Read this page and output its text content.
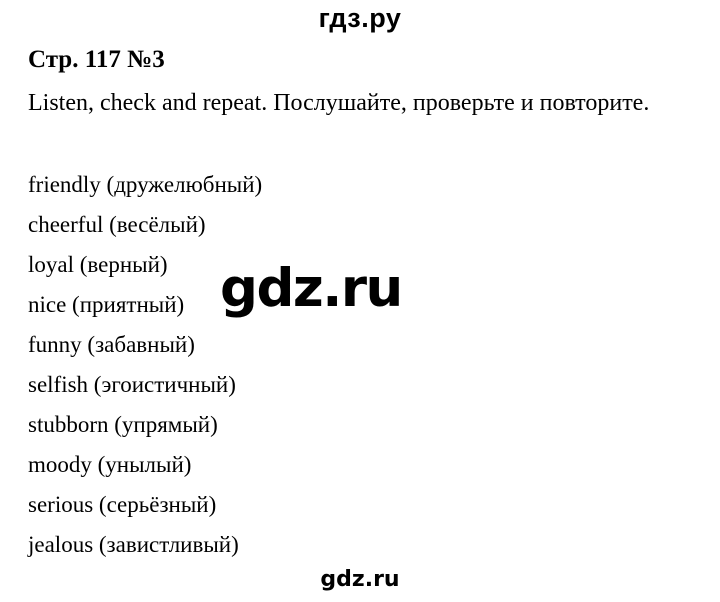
гдз.ру
Стр. 117 №3

Listen, check and repeat. Послушайте, проверьте и повторите.

friendly (дружелюбный)
cheerful (весёлый)
loyal (верный)
nice (приятный)
funny (забавный)
selfish (эгоистичный)
stubborn (упрямый)
moody (унылый)
serious (серьёзный)
jealous (завистливый)
gdz.ru
gdz.ru
